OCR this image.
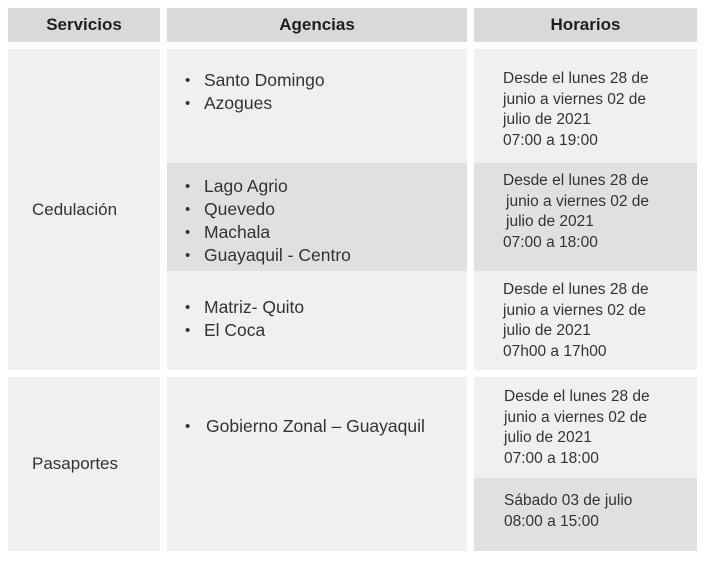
Servicios	Agencias	Horarios
Cedulación
Pasaportes
• Santo Domingo
• Azogues
• Lago Agrio
• Quevedo
• Machala
• Guayaquil - Centro
• Matriz- Quito
• El Coca
• Gobierno Zonal – Guayaquil
Desde el lunes 28 de
junio a viernes 02 de
julio de 2021
07:00 a 19:00
Desde el lunes 28 de
junio a viernes 02 de
julio de 2021
07:00 a 18:00
Desde el lunes 28 de
junio a viernes 02 de
julio de 2021
07h00 a 17h00
Desde el lunes 28 de
junio a viernes 02 de
julio de 2021
07:00 a 18:00
Sábado 03 de julio
08:00 a 15:00
